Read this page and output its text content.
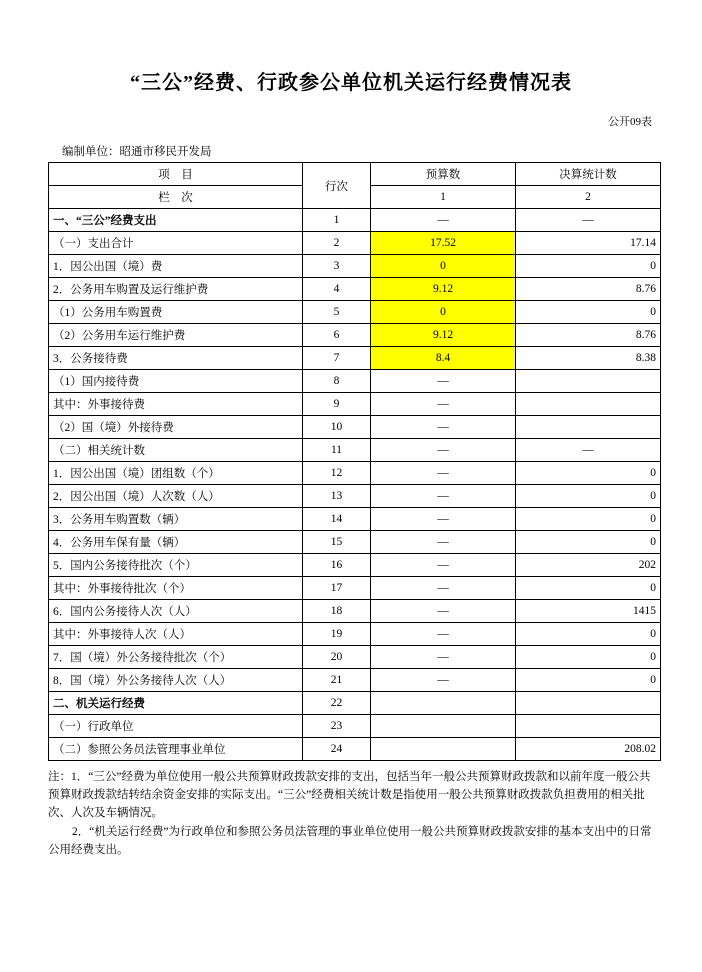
“三公”经费、行政参公单位机关运行经费情况表
公开09表
编制单位：昭通市移民开发局
项　目	行次	预算数	决算统计数
栏　次		1	2
一、“三公”经费支出	1	—	—
（一）支出合计	2	17.52	17.14
1．因公出国（境）费	3	0	0
2．公务用车购置及运行维护费	4	9.12	8.76
（1）公务用车购置费	5	0	0
（2）公务用车运行维护费	6	9.12	8.76
3．公务接待费	7	8.4	8.38
（1）国内接待费	8	—	
其中：外事接待费	9	—	
（2）国（境）外接待费	10	—	
（二）相关统计数	11	—	—
1．因公出国（境）团组数（个）	12	—	0
2．因公出国（境）人次数（人）	13	—	0
3．公务用车购置数（辆）	14	—	0
4．公务用车保有量（辆）	15	—	0
5．国内公务接待批次（个）	16	—	202
其中：外事接待批次（个）	17	—	0
6．国内公务接待人次（人）	18	—	1415
其中：外事接待人次（人）	19	—	0
7．国（境）外公务接待批次（个）	20	—	0
8．国（境）外公务接待人次（人）	21	—	0
二、机关运行经费	22		
（一）行政单位	23		
（二）参照公务员法管理事业单位	24		208.02

注：1．“三公”经费为单位使用一般公共预算财政拨款安排的支出，包括当年一般公共预算财政拨款和以前年度一般公共预算财政拨款结转结余资金安排的实际支出。“三公”经费相关统计数是指使用一般公共预算财政拨款负担费用的相关批次、人次及车辆情况。

2．“机关运行经费”为行政单位和参照公务员法管理的事业单位使用一般公共预算财政拨款安排的基本支出中的日常公用经费支出。
